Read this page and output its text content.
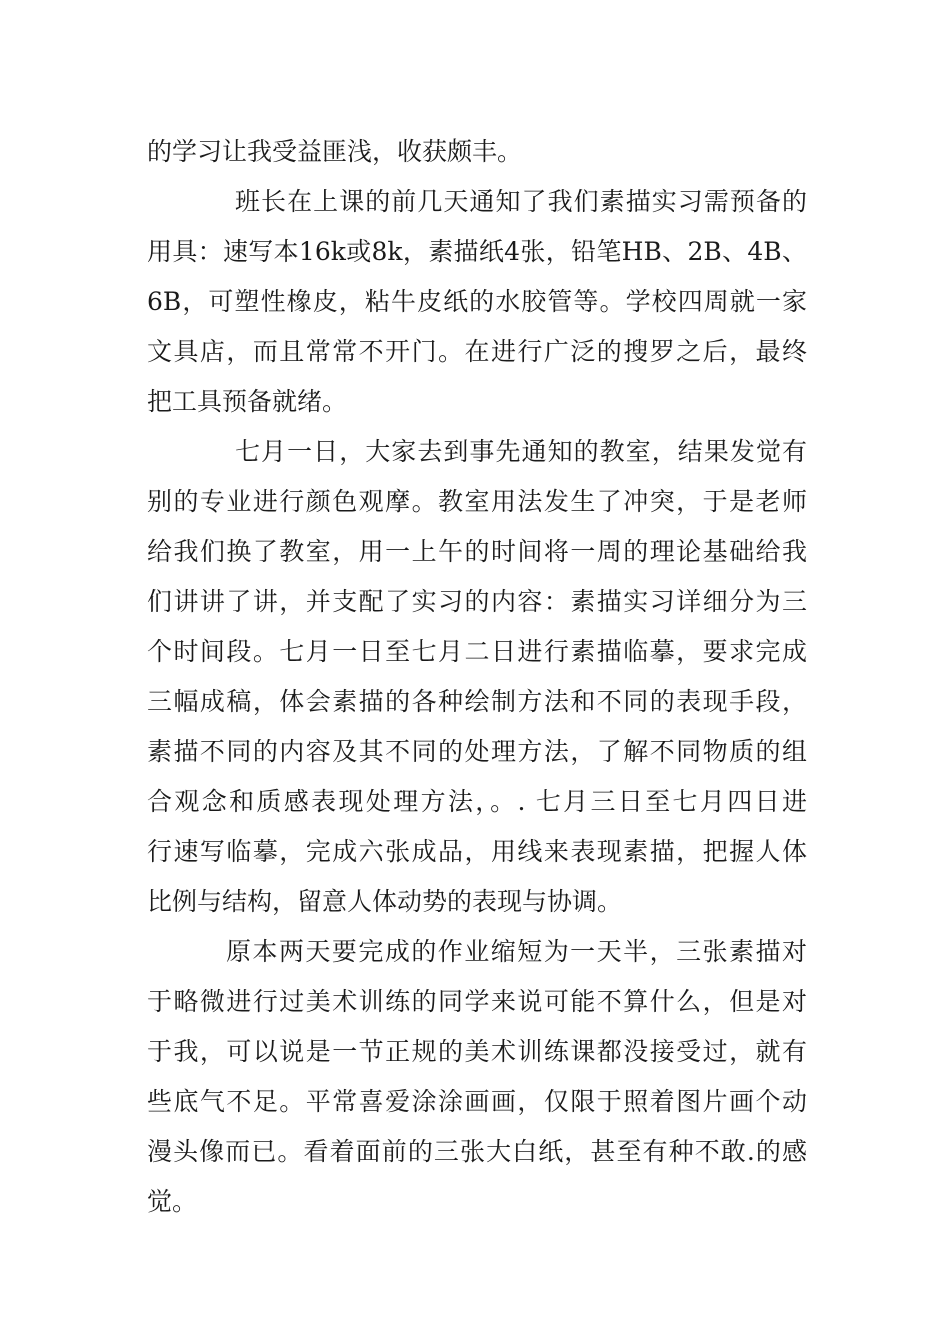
的学习让我受益匪浅，收获颇丰。
班长在上课的前几天通知了我们素描实习需预备的
用具：速写本16k或8k，素描纸4张，铅笔HB、2B、4B、
6B，可塑性橡皮，粘牛皮纸的水胶管等。学校四周就一家
文具店，而且常常不开门。在进行广泛的搜罗之后，最终
把工具预备就绪。
七月一日，大家去到事先通知的教室，结果发觉有
别的专业进行颜色观摩。教室用法发生了冲突，于是老师
给我们换了教室，用一上午的时间将一周的理论基础给我
们讲讲了讲，并支配了实习的内容：素描实习详细分为三
个时间段。七月一日至七月二日进行素描临摹，要求完成
三幅成稿，体会素描的各种绘制方法和不同的表现手段，
素描不同的内容及其不同的处理方法，了解不同物质的组
合观念和质感表现处理方法，。. 七月三日至七月四日进
行速写临摹，完成六张成品，用线来表现素描，把握人体
比例与结构，留意人体动势的表现与协调。
原本两天要完成的作业缩短为一天半，三张素描对
于略微进行过美术训练的同学来说可能不算什么，但是对
于我，可以说是一节正规的美术训练课都没接受过，就有
些底气不足。平常喜爱涂涂画画，仅限于照着图片画个动
漫头像而已。看着面前的三张大白纸，甚至有种不敢.的感
觉。
